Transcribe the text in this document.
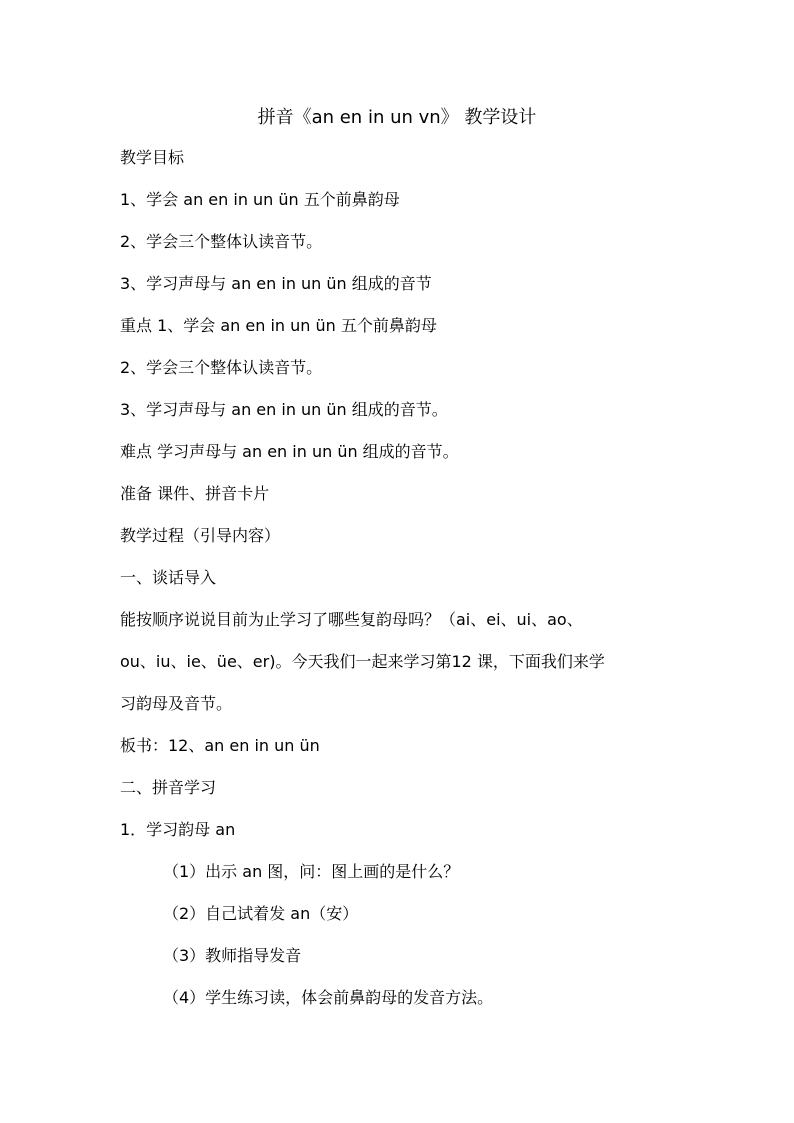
拼音《an en in un vn》 教学设计
教学目标
1、学会 an en in un ün 五个前鼻韵母
2、学会三个整体认读音节。
3、学习声母与 an en in un ün 组成的音节
重点 1、学会 an en in un ün 五个前鼻韵母
2、学会三个整体认读音节。
3、学习声母与 an en in un ün 组成的音节。
难点 学习声母与 an en in un ün 组成的音节。
准备 课件、拼音卡片
教学过程（引导内容）
一、谈话导入
能按顺序说说目前为止学习了哪些复韵母吗？（ai、ei、ui、ao、
ou、iu、ie、üe、er)。今天我们一起来学习第12 课，下面我们来学
习韵母及音节。
板书：12、an en in un ün
二、拼音学习
1．学习韵母 an
（1）出示 an 图，问：图上画的是什么？
（2）自己试着发 an（安）
（3）教师指导发音
（4）学生练习读，体会前鼻韵母的发音方法。
